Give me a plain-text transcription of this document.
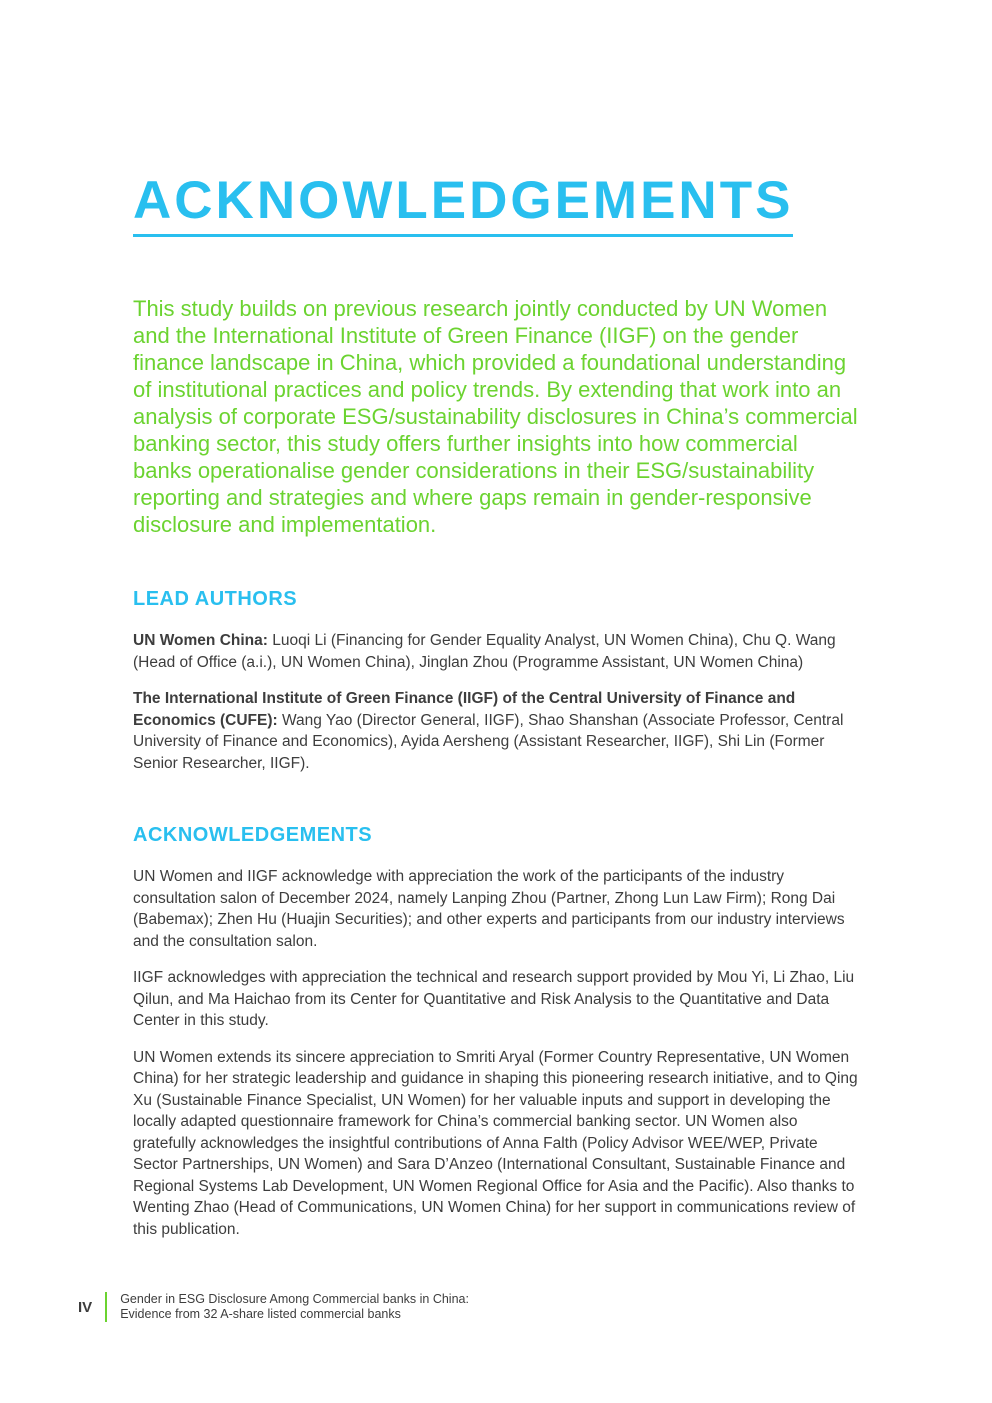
ACKNOWLEDGEMENTS

This study builds on previous research jointly conducted by UN Women and the International Institute of Green Finance (IIGF) on the gender finance landscape in China, which provided a foundational understanding of institutional practices and policy trends. By extending that work into an analysis of corporate ESG/sustainability disclosures in China’s commercial banking sector, this study offers further insights into how commercial banks operationalise gender considerations in their ESG/sustainability reporting and strategies and where gaps remain in gender-responsive disclosure and implementation.

LEAD AUTHORS

UN Women China: Luoqi Li (Financing for Gender Equality Analyst, UN Women China), Chu Q. Wang (Head of Office (a.i.), UN Women China), Jinglan Zhou (Programme Assistant, UN Women China)

The International Institute of Green Finance (IIGF) of the Central University of Finance and Economics (CUFE): Wang Yao (Director General, IIGF), Shao Shanshan (Associate Professor, Central University of Finance and Economics), Ayida Aersheng (Assistant Researcher, IIGF), Shi Lin (Former Senior Researcher, IIGF).

ACKNOWLEDGEMENTS

UN Women and IIGF acknowledge with appreciation the work of the participants of the industry consultation salon of December 2024, namely Lanping Zhou (Partner, Zhong Lun Law Firm); Rong Dai (Babemax); Zhen Hu (Huajin Securities); and other experts and participants from our industry interviews and the consultation salon.

IIGF acknowledges with appreciation the technical and research support provided by Mou Yi, Li Zhao, Liu Qilun, and Ma Haichao from its Center for Quantitative and Risk Analysis to the Quantitative and Data Center in this study.

UN Women extends its sincere appreciation to Smriti Aryal (Former Country Representative, UN Women China) for her strategic leadership and guidance in shaping this pioneering research initiative, and to Qing Xu (Sustainable Finance Specialist, UN Women) for her valuable inputs and support in developing the locally adapted questionnaire framework for China’s commercial banking sector. UN Women also gratefully acknowledges the insightful contributions of Anna Falth (Policy Advisor WEE/WEP, Private Sector Partnerships, UN Women) and Sara D’Anzeo (International Consultant, Sustainable Finance and Regional Systems Lab Development, UN Women Regional Office for Asia and the Pacific). Also thanks to Wenting Zhao (Head of Communications, UN Women China) for her support in communications review of this publication.

IV Gender in ESG Disclosure Among Commercial banks in China:
Evidence from 32 A-share listed commercial banks
